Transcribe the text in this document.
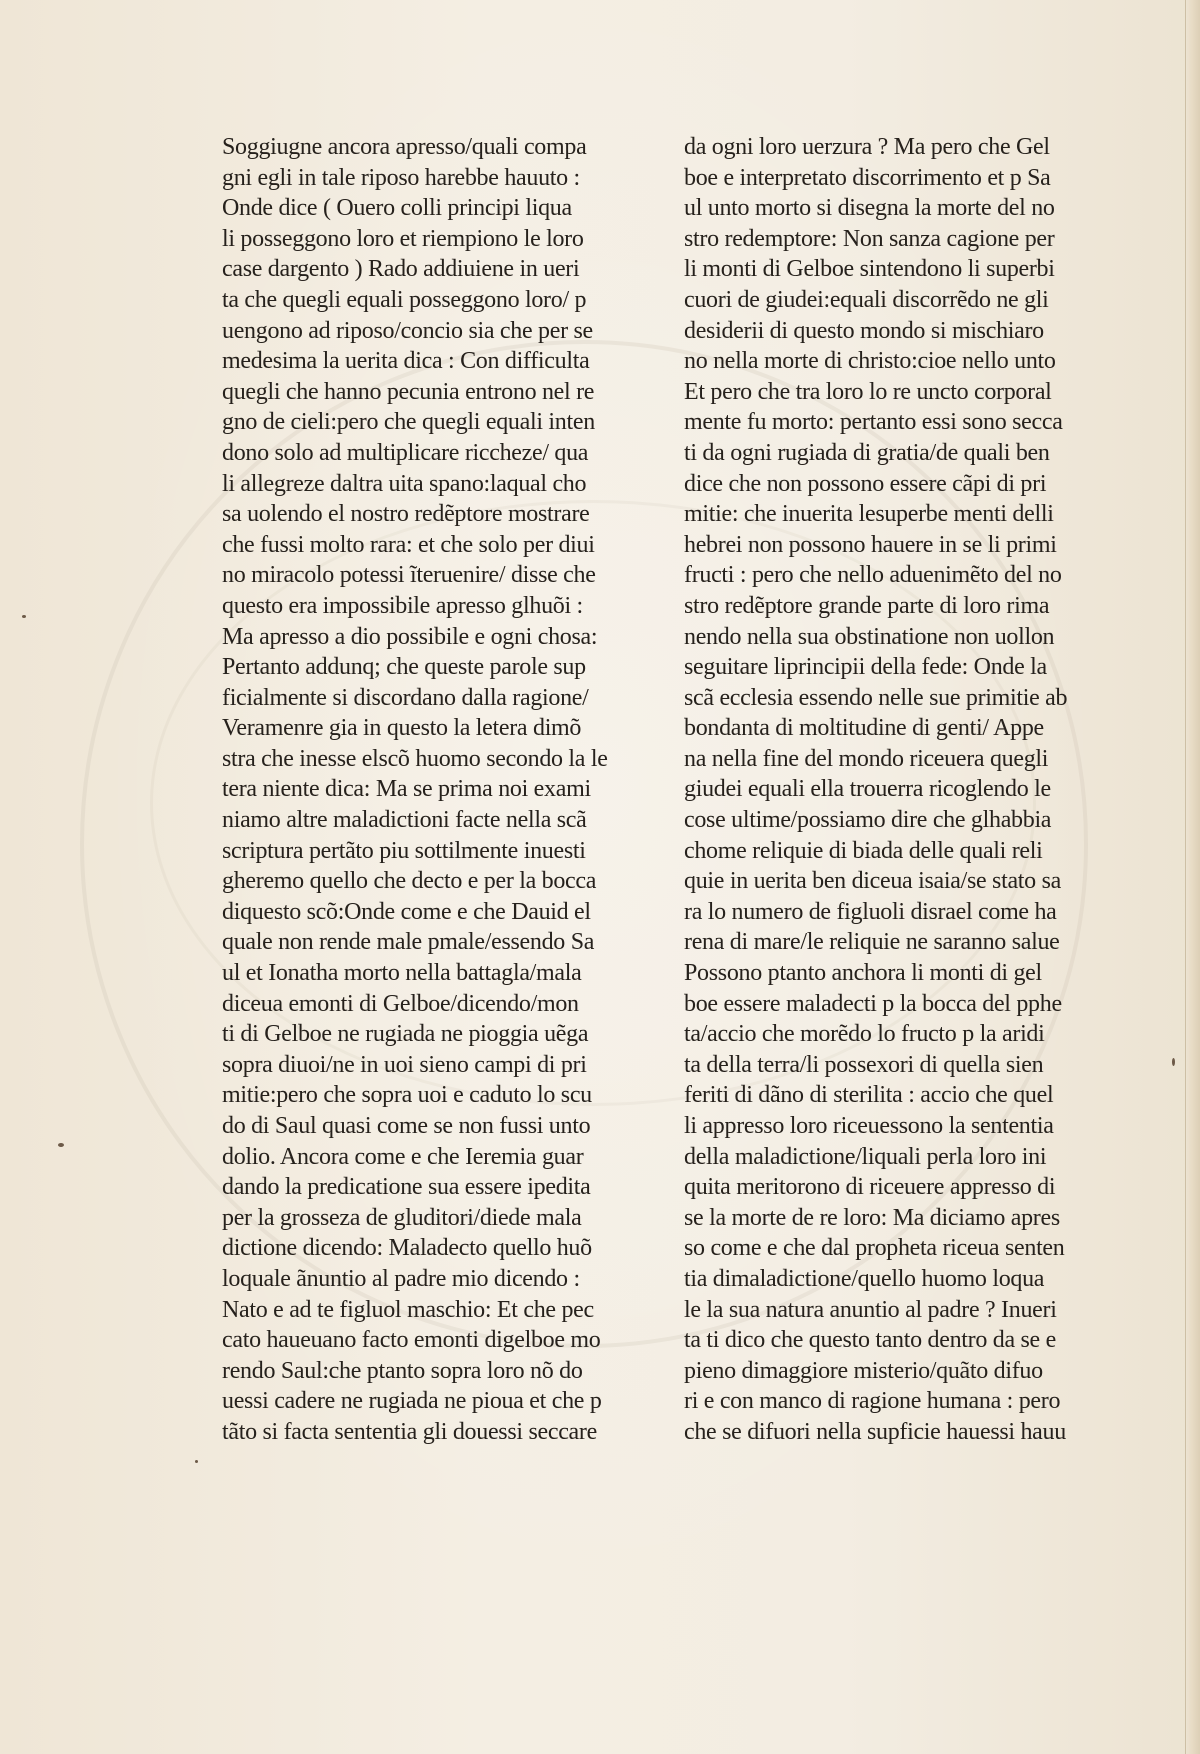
Soggiugne ancora apresso/quali compa
gni egli in tale riposo harebbe hauuto :
Onde dice ( Ouero colli principi liqua
li posseggono loro et riempiono le loro
case dargento ) Rado addiuiene in ueri
ta che quegli equali posseggono loro/ p
uengono ad riposo/concio sia che per se
medesima la uerita dica : Con difficulta
quegli che hanno pecunia entrono nel re
gno de cieli:pero che quegli equali inten
dono solo ad multiplicare riccheze/ qua
li allegreze daltra uita spano:laqual cho
sa uolendo el nostro redẽptore mostrare
che fussi molto rara: et che solo per diui
no miracolo potessi ĩteruenire/ disse che
questo era impossibile apresso glhuõi :
Ma apresso a dio possibile e ogni chosa:
Pertanto addunq; che queste parole sup
ficialmente si discordano dalla ragione/
Veramenre gia in questo la letera dimõ
stra che inesse elscõ huomo secondo la le
tera niente dica: Ma se prima noi exami
niamo altre maladictioni facte nella scã
scriptura pertãto piu sottilmente inuesti
gheremo quello che decto e per la bocca
diquesto scõ:Onde come e che Dauid el
quale non rende male pmale/essendo Sa
ul et Ionatha morto nella battagla/mala
diceua emonti di Gelboe/dicendo/mon
ti di Gelboe ne rugiada ne pioggia uẽga
sopra diuoi/ne in uoi sieno campi di pri
mitie:pero che sopra uoi e caduto lo scu
do di Saul quasi come se non fussi unto
dolio. Ancora come e che Ieremia guar
dando la predicatione sua essere ipedita
per la grosseza de gluditori/diede mala
dictione dicendo: Maladecto quello huõ
loquale ãnuntio al padre mio dicendo :
Nato e ad te figluol maschio: Et che pec
cato haueuano facto emonti digelboe mo
rendo Saul:che ptanto sopra loro nõ do
uessi cadere ne rugiada ne pioua et che p
tãto si facta sententia gli douessi seccare
da ogni loro uerzura ? Ma pero che Gel
boe e interpretato discorrimento et p Sa
ul unto morto si disegna la morte del no
stro redemptore: Non sanza cagione per
li monti di Gelboe sintendono li superbi
cuori de giudei:equali discorrẽdo ne gli
desiderii di questo mondo si mischiaro
no nella morte di christo:cioe nello unto
Et pero che tra loro lo re uncto corporal
mente fu morto: pertanto essi sono secca
ti da ogni rugiada di gratia/de quali ben
dice che non possono essere cãpi di pri
mitie: che inuerita lesuperbe menti delli
hebrei non possono hauere in se li primi
fructi : pero che nello aduenimẽto del no
stro redẽptore grande parte di loro rima
nendo nella sua obstinatione non uollon
seguitare liprincipii della fede: Onde la
scã ecclesia essendo nelle sue primitie ab
bondanta di moltitudine di genti/ Appe
na nella fine del mondo riceuera quegli
giudei equali ella trouerra ricoglendo le
cose ultime/possiamo dire che glhabbia
chome reliquie di biada delle quali reli
quie in uerita ben diceua isaia/se stato sa
ra lo numero de figluoli disrael come ha
rena di mare/le reliquie ne saranno salue
Possono ptanto anchora li monti di gel
boe essere maladecti p la bocca del pphe
ta/accio che morẽdo lo fructo p la aridi
ta della terra/li possexori di quella sien
feriti di dãno di sterilita : accio che quel
li appresso loro riceuessono la sententia
della maladictione/liquali perla loro ini
quita meritorono di riceuere appresso di
se la morte de re loro: Ma diciamo apres
so come e che dal propheta riceua senten
tia dimaladictione/quello huomo loqua
le la sua natura anuntio al padre ? Inueri
ta ti dico che questo tanto dentro da se e
pieno dimaggiore misterio/quãto difuo
ri e con manco di ragione humana : pero
che se difuori nella supficie hauessi hauu
